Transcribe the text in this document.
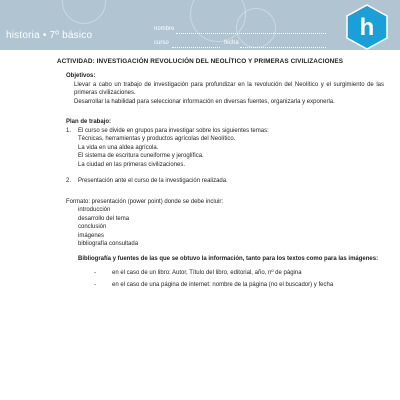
historia • 7º básico
nombre
curso	fecha
h
ACTIVIDAD: INVESTIGACIÓN REVOLUCIÓN DEL NEOLÍTICO Y PRIMERAS CIVILIZACIONES
Objetivos:
Llevar a cabo un trabajo de investigación para profundizar en la revolución del Neolítico y el surgimiento de las primeras civilizaciones.
Desarrollar la habilidad para seleccionar información en diversas fuentes, organizarla y exponerla.
Plan de trabajo:
1.	El curso se divide en grupos para investigar sobre los siguientes temas:
Técnicas, herramientas y productos agrícolas del Neolítico.
La vida en una aldea agrícola.
El sistema de escritura cuneiforme y jeroglífica.
La ciudad en las primeras civilizaciones.
2.	Presentación ante el curso de la investigación realizada.
Formato: presentación (power point) donde se debe incluir:
introducción
desarrollo del tema
conclusión
imágenes
bibliografía consultada
Bibliografía y fuentes de las que se obtuvo la información, tanto para los textos como para las imágenes:
-	en el caso de un libro: Autor, Título del libro, editorial, año, nº de página
-	en el caso de una página de internet: nombre de la página (no el buscador) y fecha
